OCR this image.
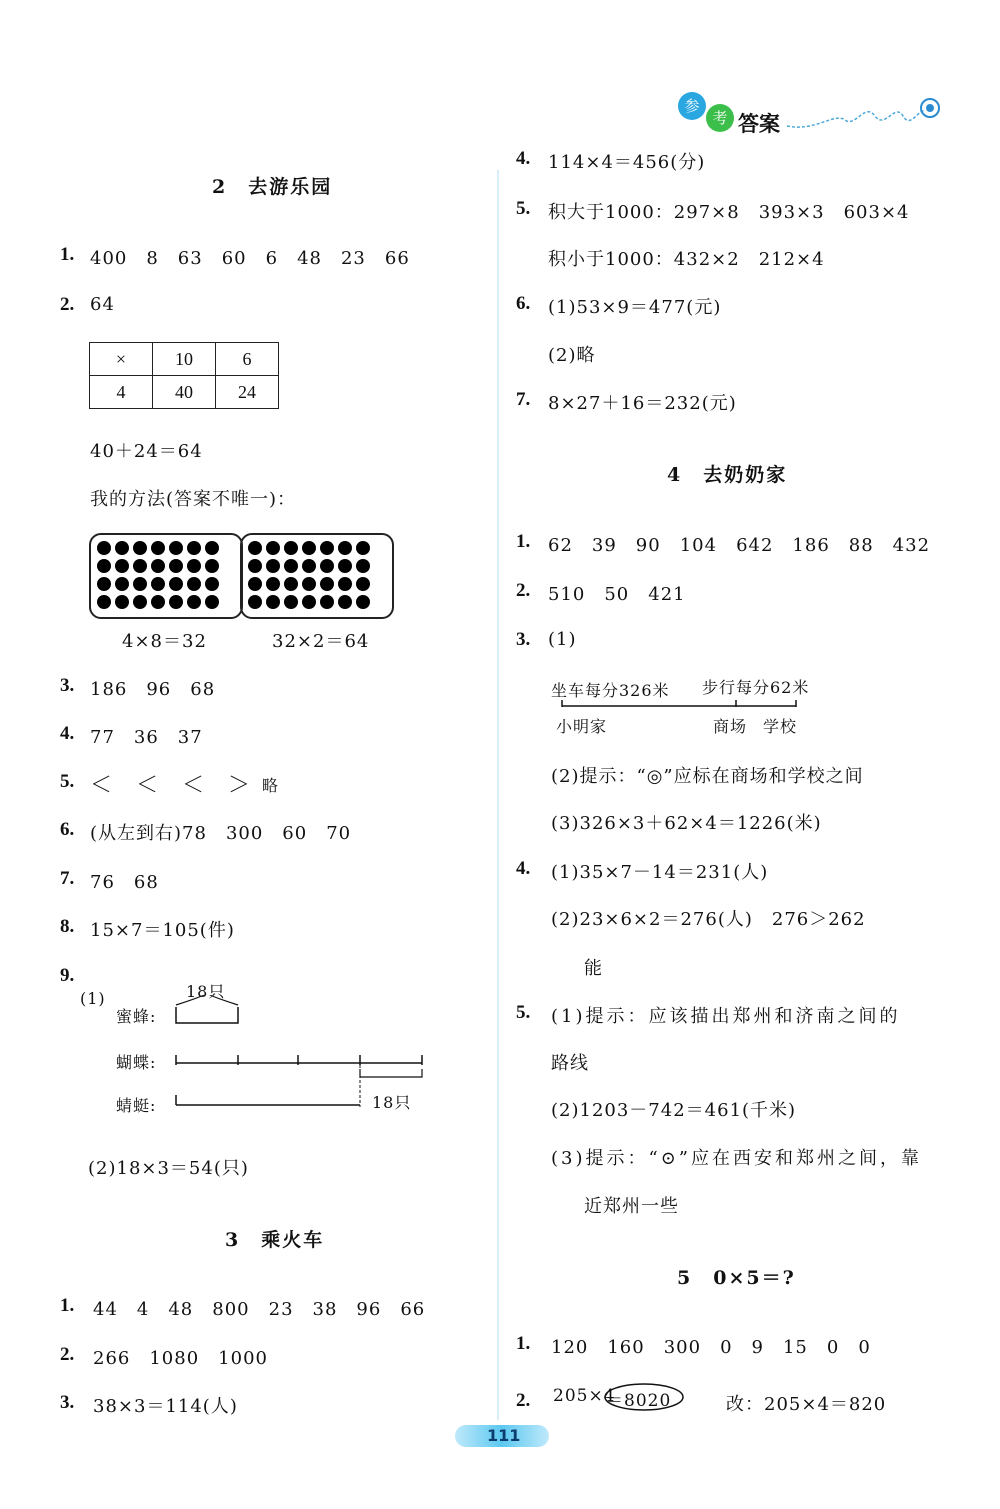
参
考 答案
2　去游乐园
1. 400　8　63　60　6　48　23　66
2. 64
×	10	6
4	40	24
40＋24＝64
我的方法(答案不唯一)：
4×8＝32	32×2＝64
3. 186　96　68
4. 77　36　37
5. ＜　＜　＜　＞ 略
6. (从左到右)78　300　60　70
7. 76　68
8. 15×7＝105(件)
9.
(1)
蜜蜂:
18只
蝴蝶:
蜻蜓:	18只
(2)18×3＝54(只)
3　乘火车
1. 44　4　48　800　23　38　96　66
2. 266　1080　1000
3. 38×3＝114(人)
4. 114×4＝456(分)
5. 积大于1000：297×8　393×3　603×4
积小于1000：432×2　212×4
6. (1)53×9＝477(元)
(2)略
7. 8×27＋16＝232(元)
4　去奶奶家
1. 62　39　90　104　642　186　88　432
2. 510　50　421
3. (1)
坐车每分326米 步行每分62米
小明家	商场 学校
(2)提示：“◎”应标在商场和学校之间
(3)326×3＋62×4＝1226(米)
4. (1)35×7－14＝231(人)
(2)23×6×2＝276(人)　276＞262
能
5. (1)提示：应该描出郑州和济南之间的
路线
(2)1203－742＝461(千米)
(3)提示：“⊙”应在西安和郑州之间，靠
近郑州一些
5　0×5＝?
1. 120　160　300　0　9　15　0　0
2. 205×4
＝8020	改：205×4＝820
111
